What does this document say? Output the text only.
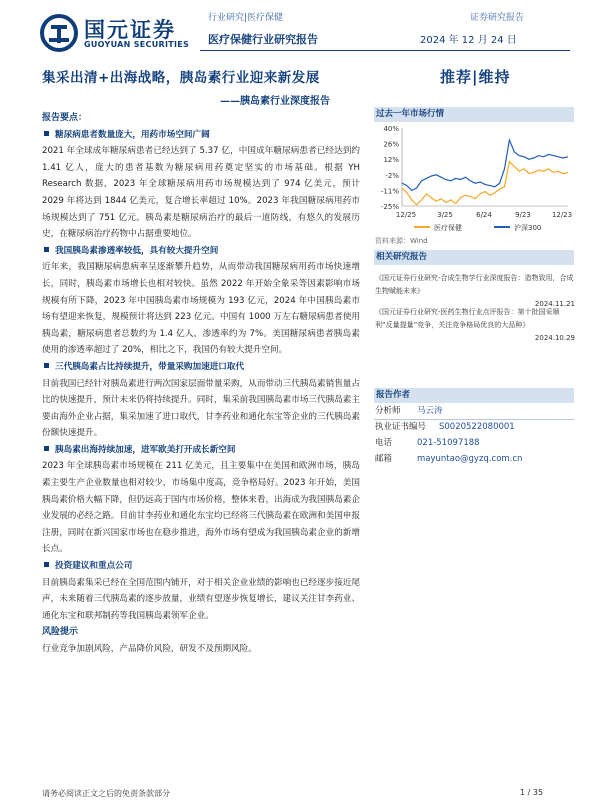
国元证券
GUOYUAN SECURITIES
行业研究|医疗保健	证券研究报告
医疗保健行业研究报告	2024 年 12 月 24 日
集采出清+出海战略，胰岛素行业迎来新发展
——胰岛素行业深度报告
推荐|维持

报告要点：

糖尿病患者数量庞大，用药市场空间广阔

2021 年全球成年糖尿病患者已经达到了 5.37 亿，中国成年糖尿病患者已经达到约 1.41 亿人，庞大的患者基数为糖尿病用药奠定坚实的市场基础。根据 YH Research 数据，2023 年全球糖尿病用药市场规模达到了 974 亿美元，预计 2029 年将达到 1844 亿美元，复合增长率超过 10%。2023 年我国糖尿病用药市场规模达到了 751 亿元。胰岛素是糖尿病治疗的最后一道防线，有悠久的发展历史，在糖尿病治疗药物中占据重要地位。

我国胰岛素渗透率较低，具有较大提升空间

近年来，我国糖尿病患病率呈逐渐攀升趋势，从而带动我国糖尿病用药市场快速增长，同时，胰岛素市场增长也相对较快。虽然 2022 年开始全象采等因素影响市场规模有所下降，2023 年中国胰岛素市场规模为 193 亿元，2024 年中国胰岛素市场有望迎来恢复，规模预计将达到 223 亿元。中国有 1000 万左右糖尿病患者使用胰岛素，糖尿病患者总数约为 1.4 亿人，渗透率约为 7%。美国糖尿病患者胰岛素使用的渗透率超过了 20%，相比之下，我国仍有较大提升空间。

三代胰岛素占比持续提升，带量采购加速进口取代

目前我国已经针对胰岛素进行两次国家层面带量采购，从而带动三代胰岛素销售量占比的快速提升，预计未来仍将持续提升。同时，集采前我国胰岛素市场三代胰岛素主要由海外企业占据，集采加速了进口取代，甘李药业和通化东宝等企业的三代胰岛素份额快速提升。

胰岛素出海持续加速，进军欧美打开成长新空间

2023 年全球胰岛素市场规模在 211 亿美元，且主要集中在美国和欧洲市场，胰岛素主要生产企业数量也相对较少，市场集中度高，竞争格局好。2023 年开始，美国胰岛素价格大幅下降，但仍远高于国内市场价格，整体来看，出海成为我国胰岛素企业发展的必经之路。目前甘李药业和通化东宝均已经将三代胰岛素在欧洲和美国申报注册，同时在新兴国家市场也在稳步推进，海外市场有望成为我国胰岛素企业的新增长点。

投资建议和重点公司

目前胰岛素集采已经在全国范围内铺开，对于相关企业业绩的影响也已经逐步接近尾声，未来随着三代胰岛素的逐步放量，业绩有望逐步恢复增长，建议关注甘李药业、通化东宝和联邦制药等我国胰岛素领军企业。

风险提示

行业竞争加剧风险，产品降价风险，研发不及预期风险。

过去一年市场行情
40%
26%
12%
-2%
-11%
-25%
12/25	3/25	6/24	9/23	12/23
医疗保健	沪深300
资料来源：Wind
相关研究报告
《国元证券行业研究-合成生物学行业深度报告：造物致用，合成生物赋能未来》
2024.11.21
《国元证券行业研究-医药生物行业点评报告：第十批国采顺利“反量提量”竞争，关注竞争格局优良的大品种》
2024.10.29
报告作者
分析师 马云涛
执业证书编号 S0020522080001
电话	021-51097188
邮箱	mayuntao@gyzq.com.cn
请务必阅读正文之后的免责条款部分	1 / 35
